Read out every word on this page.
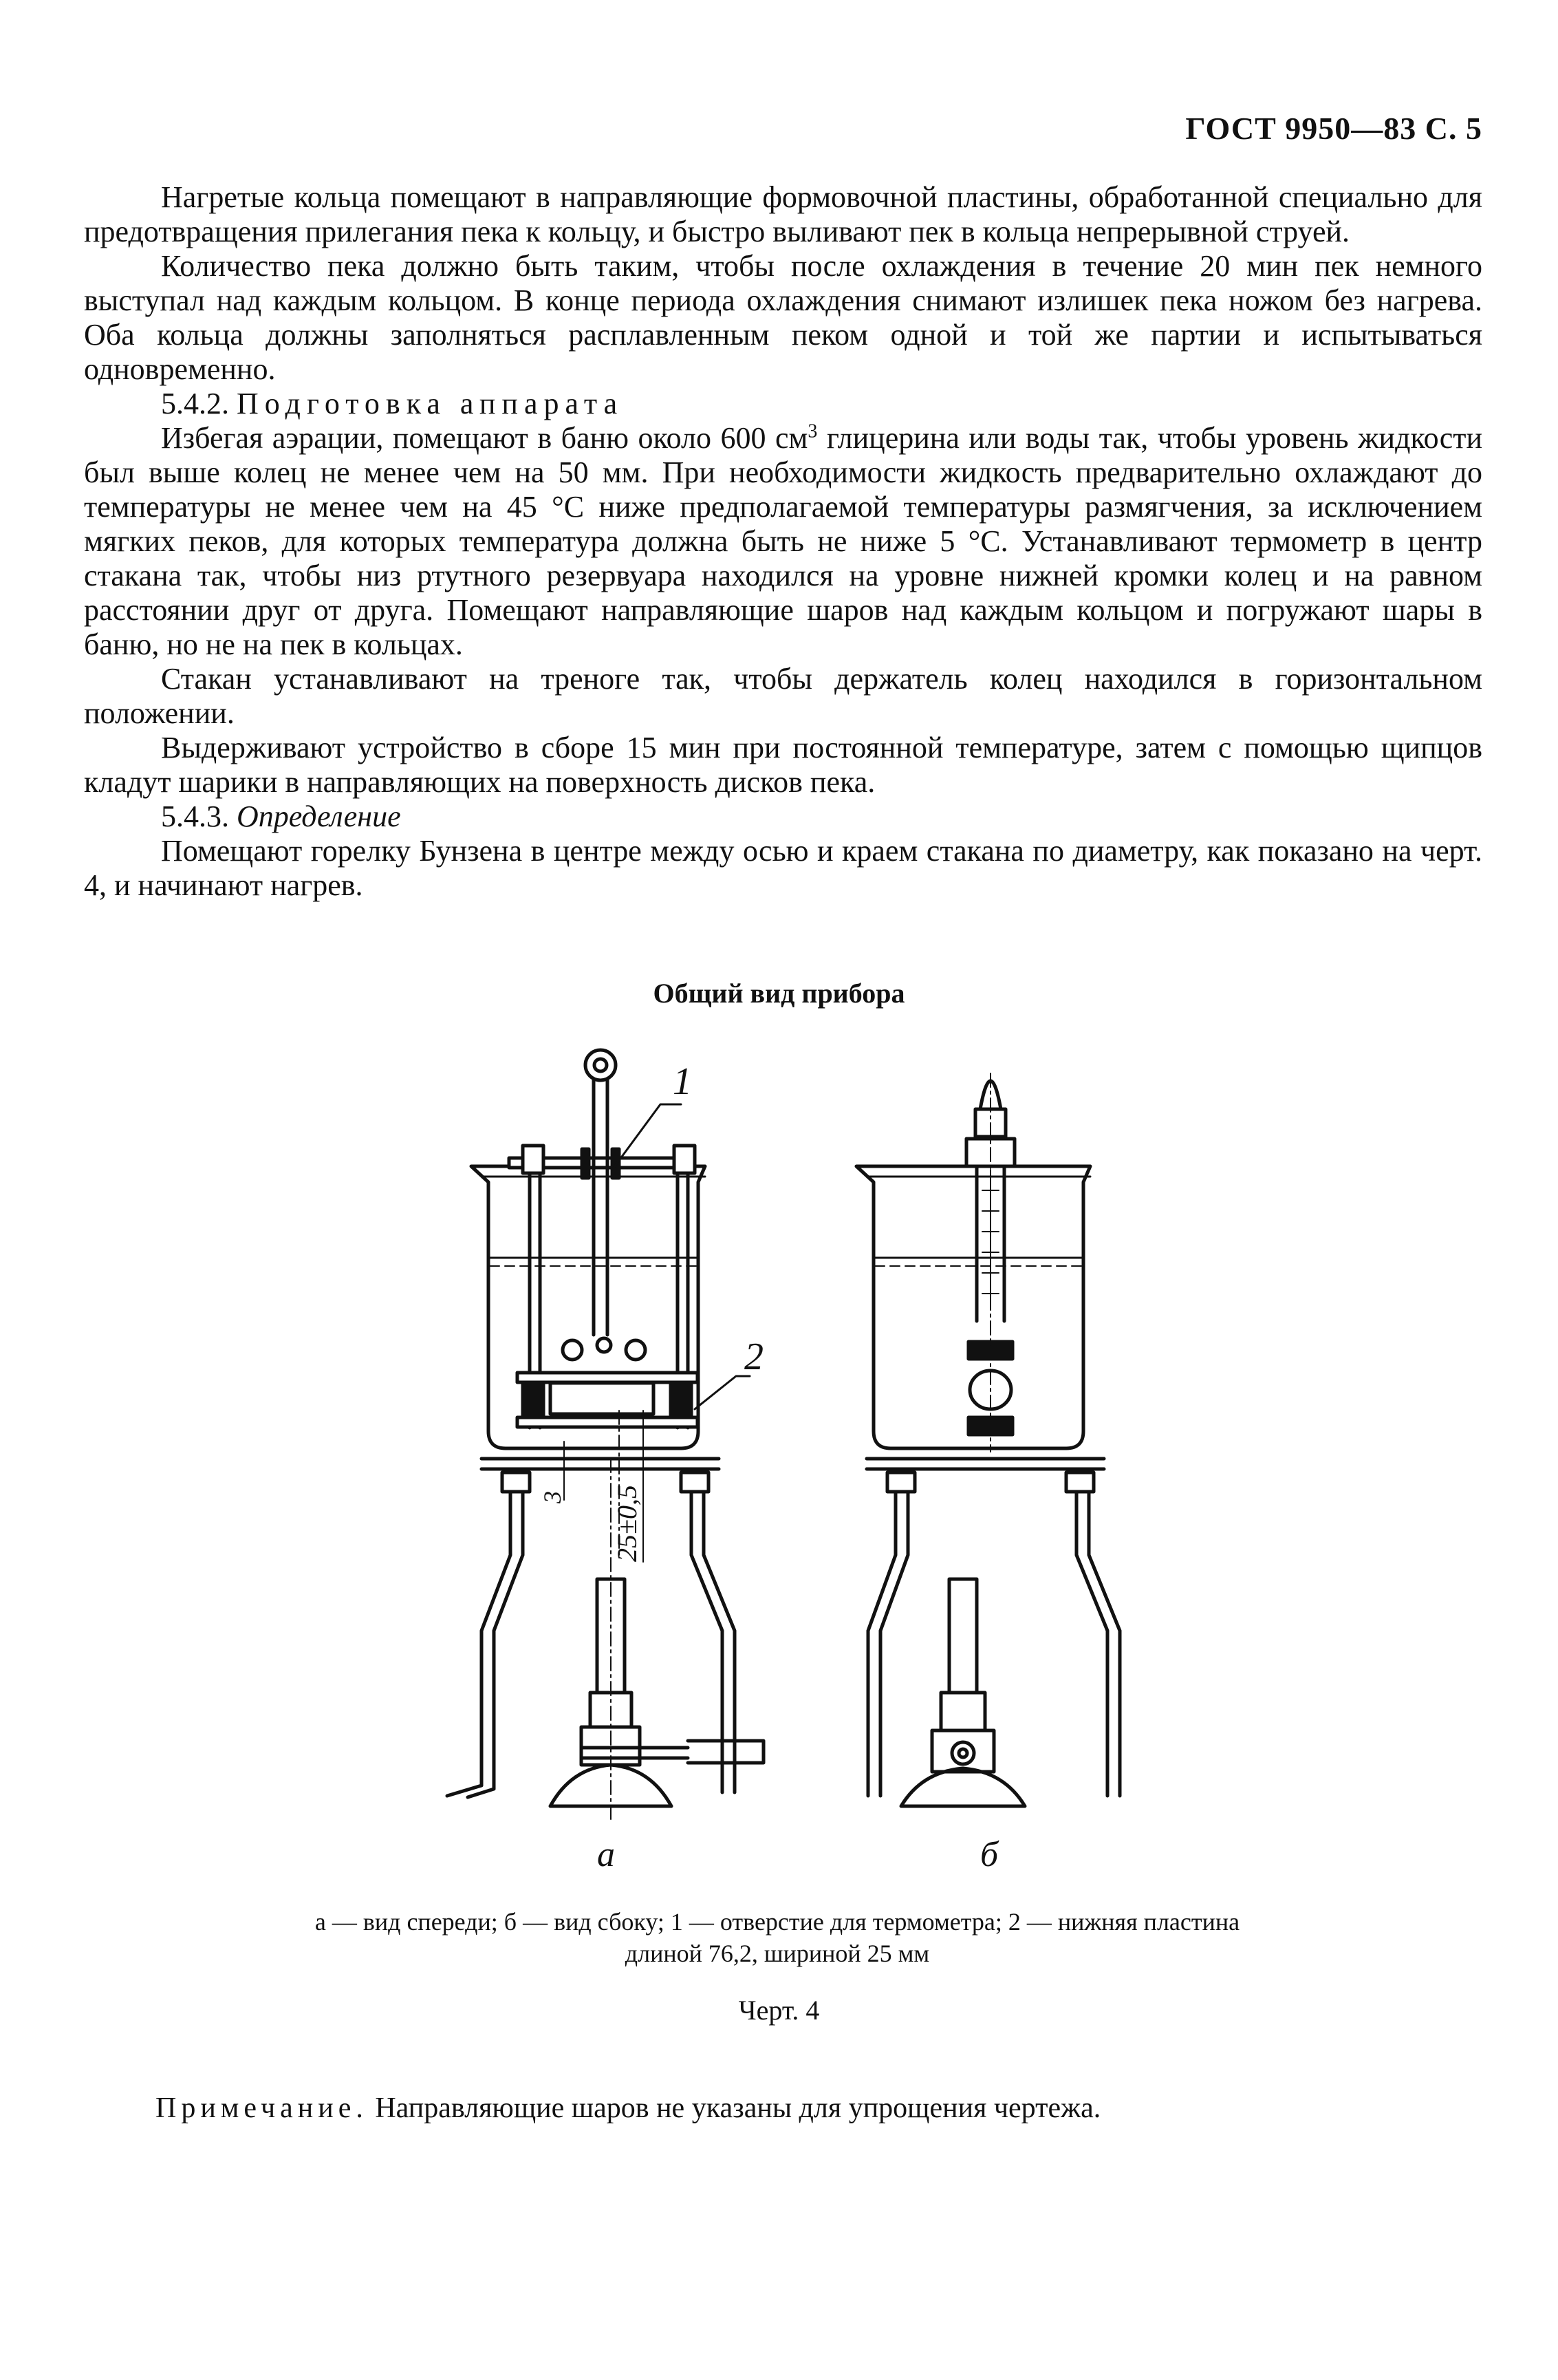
ГОСТ 9950—83 С. 5

Нагретые кольца помещают в направляющие формовочной пластины, обработанной специально для предотвращения прилегания пека к кольцу, и быстро выливают пек в кольца непрерывной струей.

Количество пека должно быть таким, чтобы после охлаждения в течение 20 мин пек немного выступал над каждым кольцом. В конце периода охлаждения снимают излишек пека ножом без нагрева. Оба кольца должны заполняться расплавленным пеком одной и той же партии и испытываться одновременно.

5.4.2. Подготовка аппарата

Избегая аэрации, помещают в баню около 600 $см^3$ глицерина или воды так, чтобы уровень жидкости был выше колец не менее чем на 50 мм. При необходимости жидкость предварительно охлаждают до температуры не менее чем на 45 °С ниже предполагаемой температуры размягчения, за исключением мягких пеков, для которых температура должна быть не ниже 5 °С. Устанавливают термометр в центр стакана так, чтобы низ ртутного резервуара находился на уровне нижней кромки колец и на равном расстоянии друг от друга. Помещают направляющие шаров над каждым кольцом и погружают шары в баню, но не на пек в кольцах.

Стакан устанавливают на треноге так, чтобы держатель колец находился в горизонтальном положении.

Выдерживают устройство в сборе 15 мин при постоянной температуре, затем с помощью щипцов кладут шарики в направляющих на поверхность дисков пека.

5.4.3. Определение

Помещают горелку Бунзена в центре между осью и краем стакана по диаметру, как показано на черт. 4, и начинают нагрев.

Общий вид прибора
1
2
3 25±0,5
а	б
а — вид спереди; б — вид сбоку; 1 — отверстие для термометра; 2 — нижняя пластина длиной 76,2, шириной 25 мм
Черт. 4
Примечание. Направляющие шаров не указаны для упрощения чертежа.
